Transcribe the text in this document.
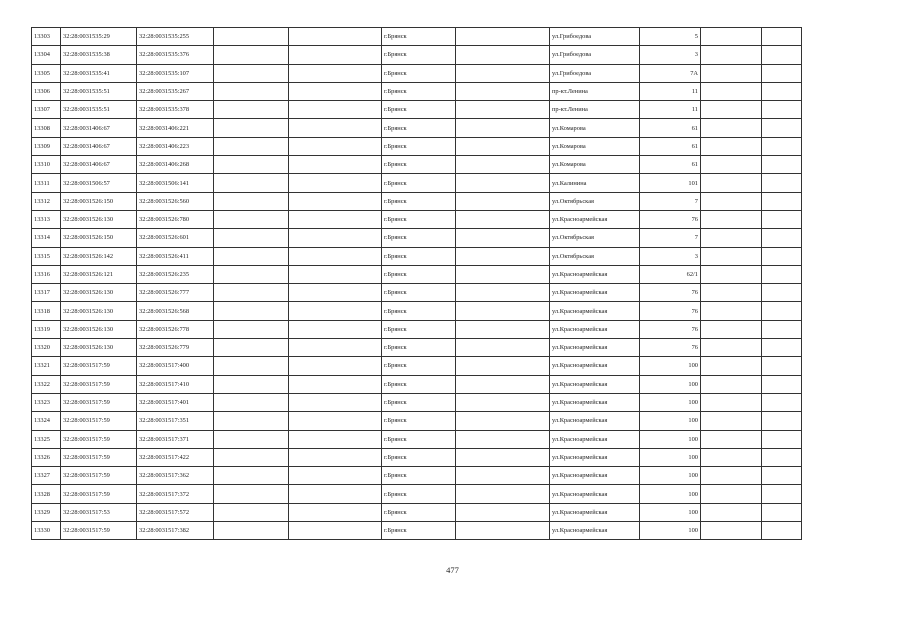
13303	32:28:0031535:29	32:28:0031535:255			г.Брянск		ул.Грибоедова	5		
13304	32:28:0031535:38	32:28:0031535:376			г.Брянск		ул.Грибоедова	3		
13305	32:28:0031535:41	32:28:0031535:107			г.Брянск		ул.Грибоедова	7А		
13306	32:28:0031535:51	32:28:0031535:267			г.Брянск		пр-кт.Ленина	11		
13307	32:28:0031535:51	32:28:0031535:378			г.Брянск		пр-кт.Ленина	11		
13308	32:28:0031406:67	32:28:0031406:221			г.Брянск		ул.Комарова	61		
13309	32:28:0031406:67	32:28:0031406:223			г.Брянск		ул.Комарова	61		
13310	32:28:0031406:67	32:28:0031406:268			г.Брянск		ул.Комарова	61		
13311	32:28:0031506:57	32:28:0031506:141			г.Брянск		ул.Калинина	101		
13312	32:28:0031526:150	32:28:0031526:560			г.Брянск		ул.Октябрьская	7		
13313	32:28:0031526:130	32:28:0031526:780			г.Брянск		ул.Красноармейская	76		
13314	32:28:0031526:150	32:28:0031526:601			г.Брянск		ул.Октябрьская	7		
13315	32:28:0031526:142	32:28:0031526:411			г.Брянск		ул.Октябрьская	3		
13316	32:28:0031526:121	32:28:0031526:235			г.Брянск		ул.Красноармейская	62/1		
13317	32:28:0031526:130	32:28:0031526:777			г.Брянск		ул.Красноармейская	76		
13318	32:28:0031526:130	32:28:0031526:568			г.Брянск		ул.Красноармейская	76		
13319	32:28:0031526:130	32:28:0031526:778			г.Брянск		ул.Красноармейская	76		
13320	32:28:0031526:130	32:28:0031526:779			г.Брянск		ул.Красноармейская	76		
13321	32:28:0031517:59	32:28:0031517:400			г.Брянск		ул.Красноармейская	100		
13322	32:28:0031517:59	32:28:0031517:410			г.Брянск		ул.Красноармейская	100		
13323	32:28:0031517:59	32:28:0031517:401			г.Брянск		ул.Красноармейская	100		
13324	32:28:0031517:59	32:28:0031517:351			г.Брянск		ул.Красноармейская	100		
13325	32:28:0031517:59	32:28:0031517:371			г.Брянск		ул.Красноармейская	100		
13326	32:28:0031517:59	32:28:0031517:422			г.Брянск		ул.Красноармейская	100		
13327	32:28:0031517:59	32:28:0031517:362			г.Брянск		ул.Красноармейская	100		
13328	32:28:0031517:59	32:28:0031517:372			г.Брянск		ул.Красноармейская	100		
13329	32:28:0031517:53	32:28:0031517:572			г.Брянск		ул.Красноармейская	100		
13330	32:28:0031517:59	32:28:0031517:382			г.Брянск		ул.Красноармейская	100		
477
